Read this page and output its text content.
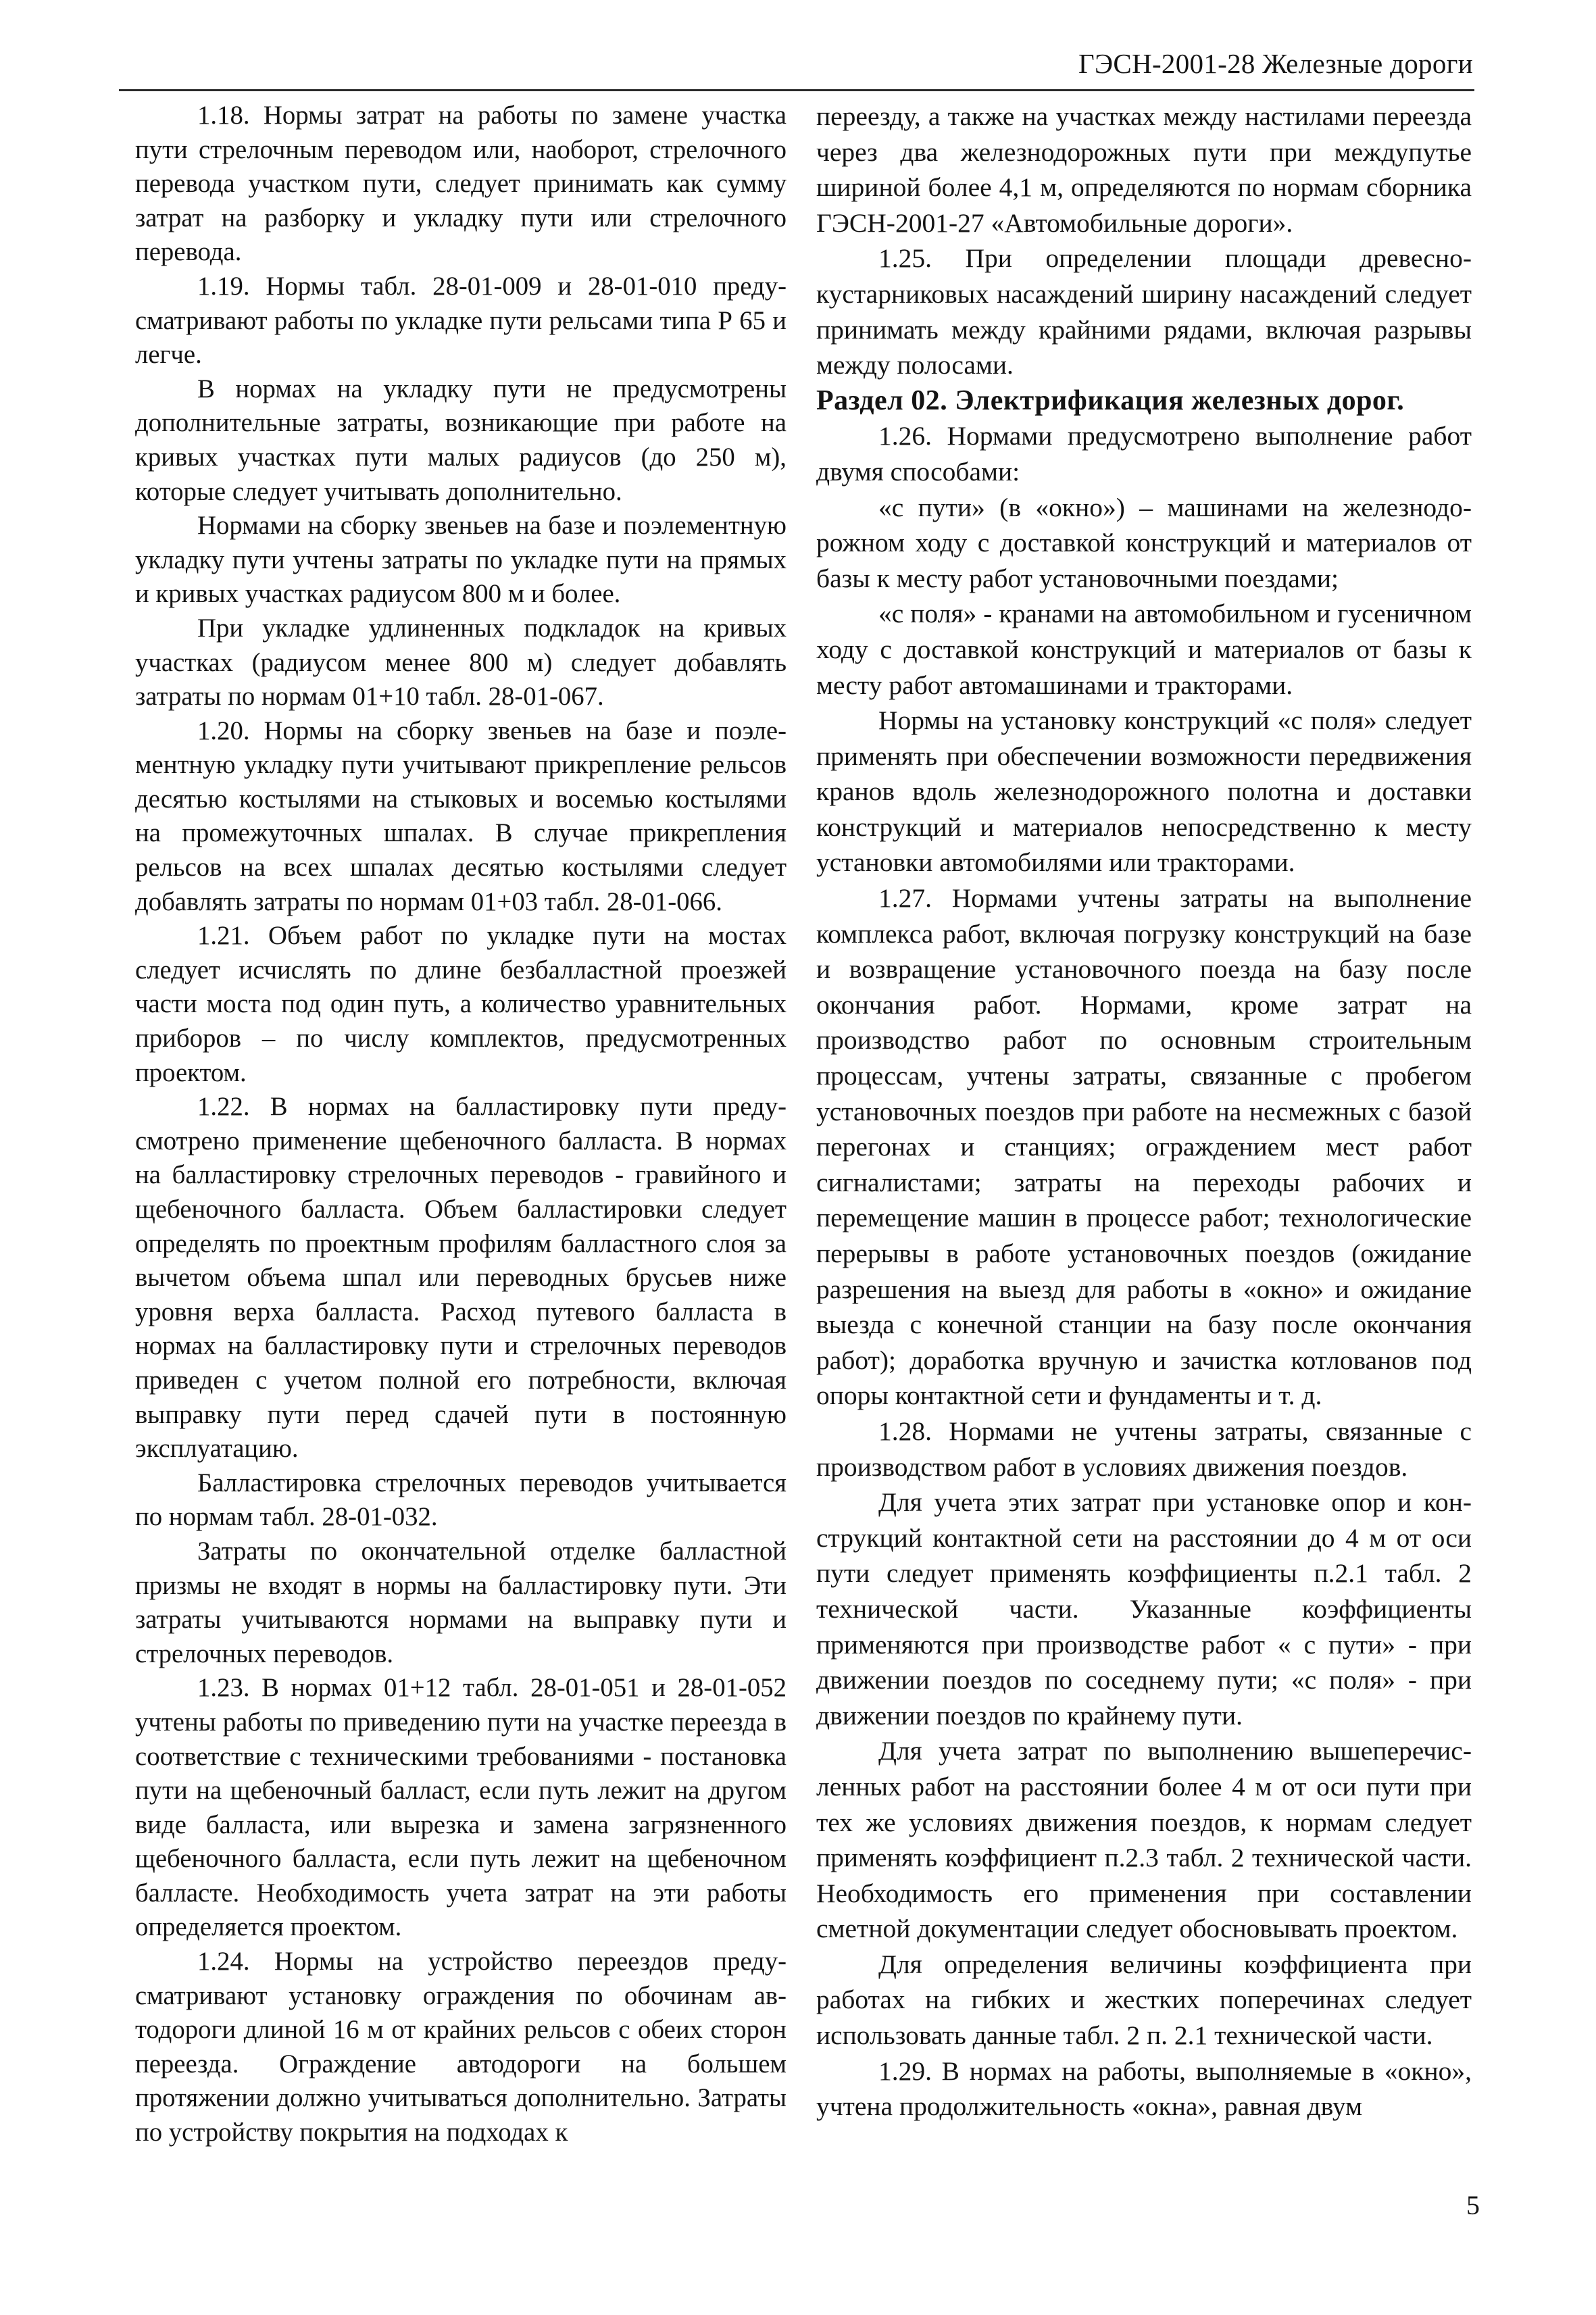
ГЭСН-2001-28 Железные дороги

1.18. Нормы затрат на работы по замене участка пути стрелочным переводом или, наоборот, стрелочного перевода участком пути, следует принимать как сумму затрат на разборку и укладку пути или стрелочного перевода.

1.19. Нормы табл. 28-01-009 и 28-01-010 предусматривают работы по укладке пути рельсами типа Р 65 и легче.

В нормах на укладку пути не предусмотрены дополнительные затраты, возникающие при работе на кривых участках пути малых радиусов (до 250 м), которые следует учитывать дополнительно.

Нормами на сборку звеньев на базе и поэлементную укладку пути учтены затраты по укладке пути на прямых и кривых участках радиусом 800 м и более.

При укладке удлиненных подкладок на кривых участках (радиусом менее 800 м) следует добавлять затраты по нормам 01+10 табл. 28-01-067.

1.20. Нормы на сборку звеньев на базе и поэлементную укладку пути учитывают прикрепление рельсов десятью костылями на стыковых и восемью костылями на промежуточных шпалах. В случае прикрепления рельсов на всех шпалах десятью костылями следует добавлять затраты по нормам 01+03 табл. 28-01-066.

1.21. Объем работ по укладке пути на мостах следует исчислять по длине безбалластной проезжей части моста под один путь, а количество уравнительных приборов – по числу комплектов, предусмотренных проектом.

1.22. В нормах на балластировку пути предусмотрено применение щебеночного балласта. В нормах на балластировку стрелочных переводов - гравийного и щебеночного балласта. Объем балластировки следует определять по проектным профилям балластного слоя за вычетом объема шпал или переводных брусьев ниже уровня верха балласта. Расход путевого балласта в нормах на балластировку пути и стрелочных переводов приведен с учетом полной его потребности, включая выправку пути перед сдачей пути в постоянную эксплуатацию.

Балластировка стрелочных переводов учитывается по нормам табл. 28-01-032.

Затраты по окончательной отделке балластной призмы не входят в нормы на балластировку пути. Эти затраты учитываются нормами на выправку пути и стрелочных переводов.

1.23. В нормах 01+12 табл. 28-01-051 и 28-01-052 учтены работы по приведению пути на участке переезда в соответствие с техническими требованиями - постановка пути на щебеночный балласт, если путь лежит на другом виде балласта, или вырезка и замена загрязненного щебеночного балласта, если путь лежит на щебеночном балласте. Необходимость учета затрат на эти работы определяется проектом.

1.24. Нормы на устройство переездов предусматривают установку ограждения по обочинам автодороги длиной 16 м от крайних рельсов с обеих сторон переезда. Ограждение автодороги на большем протяжении должно учитываться дополнительно. Затраты по устройству покрытия на подходах к

переезду, а также на участках между настилами переезда через два железнодорожных пути при междупутье шириной более 4,1 м, определяются по нормам сборника ГЭСН-2001-27 «Автомобильные дороги».

1.25. При определении площади древесно-кустарниковых насаждений ширину насаждений следует принимать между крайними рядами, включая разрывы между полосами.

Раздел 02. Электрификация железных дорог.

1.26. Нормами предусмотрено выполнение работ двумя способами:

«с пути» (в «окно») – машинами на железнодорожном ходу с доставкой конструкций и материалов от базы к месту работ установочными поездами;

«с поля» - кранами на автомобильном и гусеничном ходу с доставкой конструкций и материалов от базы к месту работ автомашинами и тракторами.

Нормы на установку конструкций «с поля» следует применять при обеспечении возможности передвижения кранов вдоль железнодорожного полотна и доставки конструкций и материалов непосредственно к месту установки автомобилями или тракторами.

1.27. Нормами учтены затраты на выполнение комплекса работ, включая погрузку конструкций на базе и возвращение установочного поезда на базу после окончания работ. Нормами, кроме затрат на производство работ по основным строительным процессам, учтены затраты, связанные с пробегом установочных поездов при работе на несмежных с базой перегонах и станциях; ограждением мест работ сигналистами; затраты на переходы рабочих и перемещение машин в процессе работ; технологические перерывы в работе установочных поездов (ожидание разрешения на выезд для работы в «окно» и ожидание выезда с конечной станции на базу после окончания работ); доработка вручную и зачистка котлованов под опоры контактной сети и фундаменты и т. д.

1.28. Нормами не учтены затраты, связанные с производством работ в условиях движения поездов.

Для учета этих затрат при установке опор и конструкций контактной сети на расстоянии до 4 м от оси пути следует применять коэффициенты п.2.1 табл. 2 технической части. Указанные коэффициенты применяются при производстве работ « с пути» - при движении поездов по соседнему пути; «с поля» - при движении поездов по крайнему пути.

Для учета затрат по выполнению вышеперечисленных работ на расстоянии более 4 м от оси пути при тех же условиях движения поездов, к нормам следует применять коэффициент п.2.3 табл. 2 технической части. Необходимость его применения при составлении сметной документации следует обосновывать проектом.

Для определения величины коэффициента при работах на гибких и жестких поперечинах следует использовать данные табл. 2 п. 2.1 технической части.

1.29. В нормах на работы, выполняемые в «окно», учтена продолжительность «окна», равная двум

5
